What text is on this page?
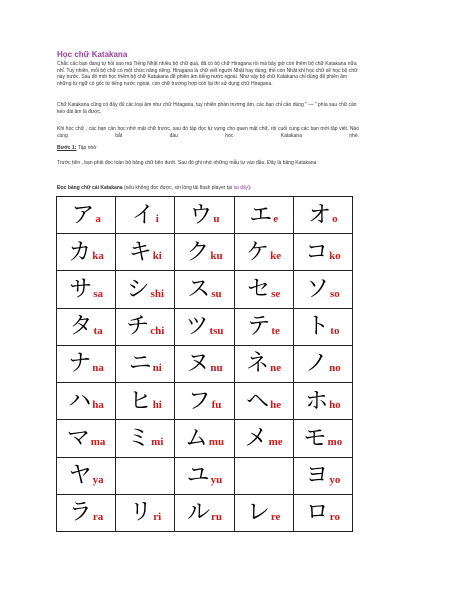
Học chữ Katakana
Chắc các bạn đang tự hỏi sao mà Tiếng Nhật nhiều bộ chữ quá, đã có bộ chữ Hiragana rồi mà bây giờ còn thêm bộ chữ Katakana nữa nhỉ. Tuy nhiên, mỗi bộ chữ có một chức năng riêng. Hiragana là chữ viết người Nhật hay dùng, thế còn Nhật khi học chữ sẽ học bộ chữ này trước. Sau đó mới học thêm bộ chữ Katakana để phiên âm tiếng nước ngoài. Như vậy bộ chữ Katakana chỉ dùng để phiên âm những từ ngữ có gốc từ tiếng nước ngoài, còn chữ trường hợp còn lại thì sử dụng chữ Hiragana.
Chữ Katakana cũng có đầy đủ các loại âm như chữ Hiragana, tuy nhiên phần trường âm, các bạn chỉ cần dùng " — " phía sau chữ cần kéo dài âm là được.
Khi học chữ , các bạn cần học nhớ mặt chữ trước, sau đó tập đọc từ vựng cho quen mặt chữ, rồi cuối cùng các bạn mới tập viết. Nào cùng bắt đầu học Katakana nhé.
Bước 1: Tập nhớ
Trước tiên , bạn phải đọc toàn bộ bảng chữ bên dưới. Sau đó ghi nhớ những mẫu tự vào đầu. Đây là bảng Katakana
Đọc bảng chữ cái Katakana (nếu không đọc được, xin lòng tải flash player tại tại đây):
ア a	イ i	ウ u	エ e	オ o

カ ka	キ ki	ク ku	ケ ke	コ ko

サ sa	シ shi	ス su	セ se	ソ so

タ ta	チ chi	ツ tsu	テ te	ト to

ナ na	ニ ni	ヌ nu	ネ ne	ノ no

ハ ha	ヒ hi	フ fu	ヘ he	ホ ho

マ ma	ミ mi	ム mu	メ me	モ mo

ヤ ya		ユ yu		ヨ yo

ラ ra	リ ri	ル ru	レ re	ロ ro
